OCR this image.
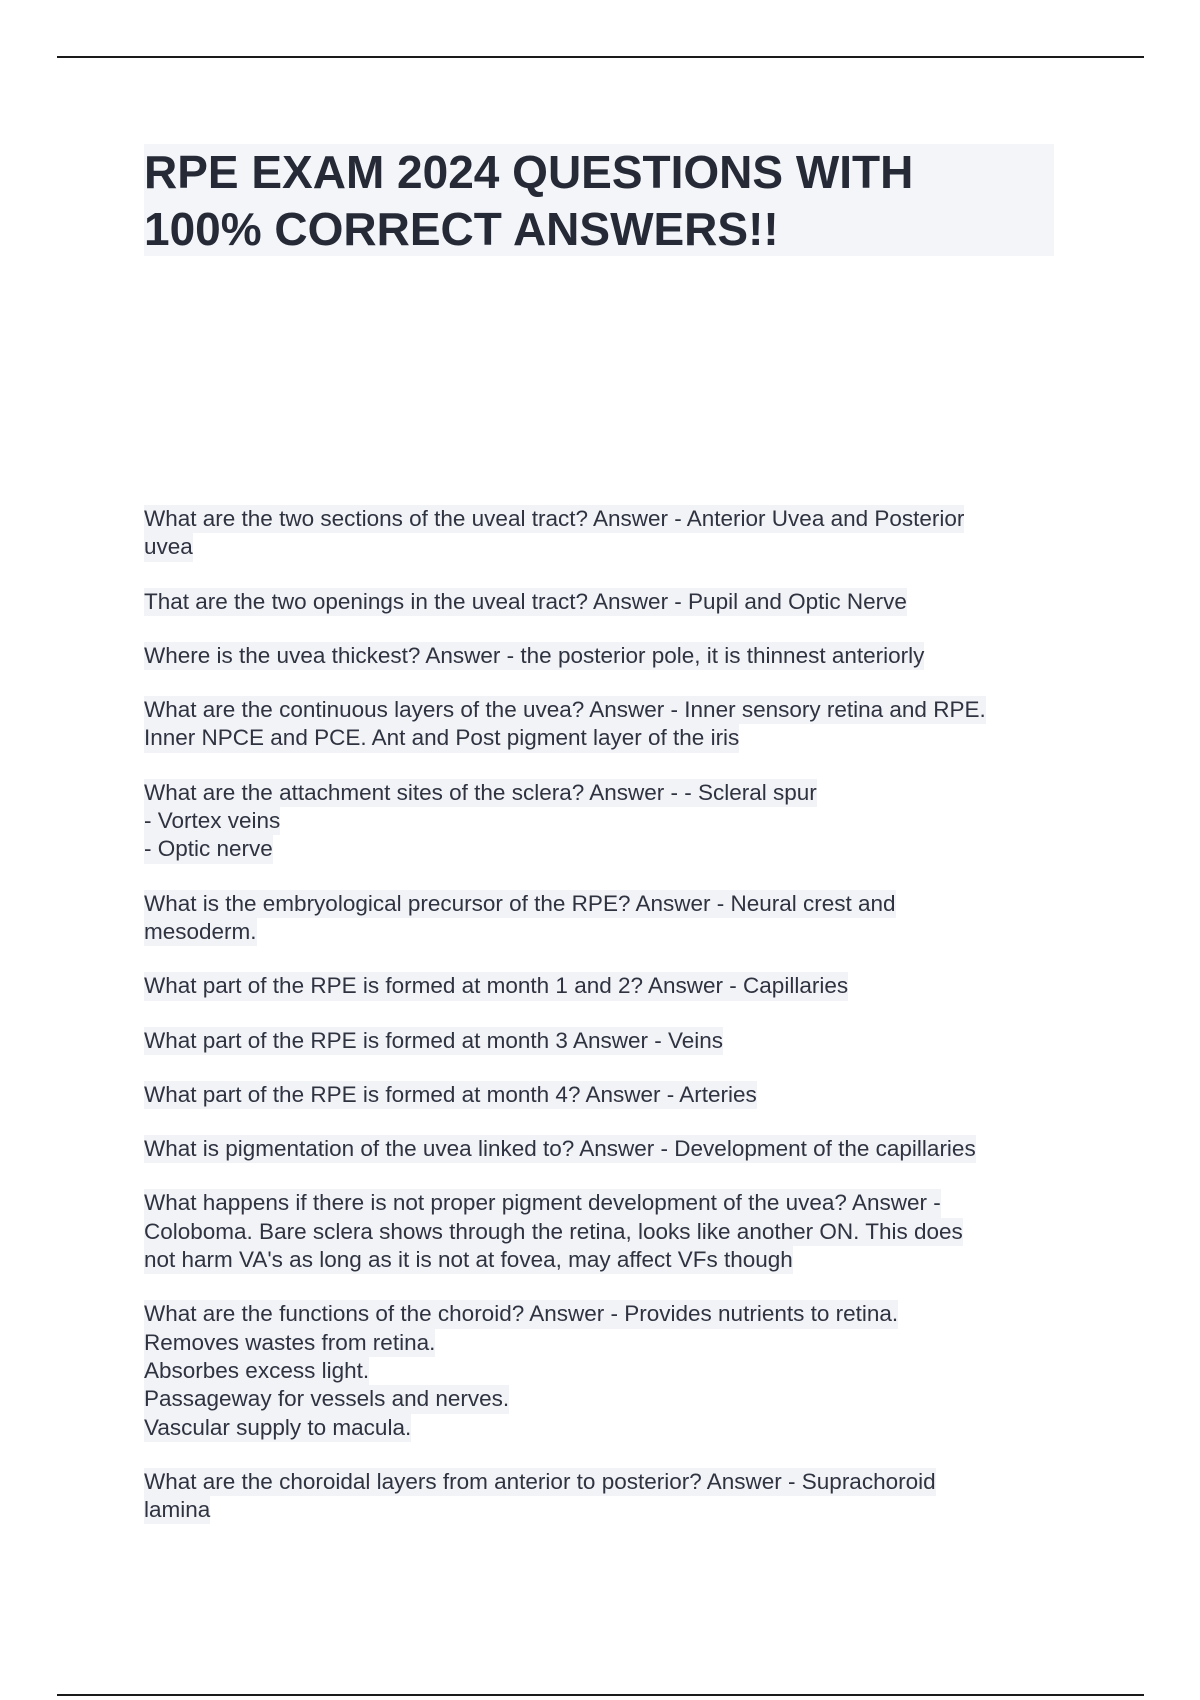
RPE EXAM 2024 QUESTIONS WITH
100% CORRECT ANSWERS!!
What are the two sections of the uveal tract? Answer - Anterior Uvea and Posterior
uvea
That are the two openings in the uveal tract? Answer - Pupil and Optic Nerve
Where is the uvea thickest? Answer - the posterior pole, it is thinnest anteriorly
What are the continuous layers of the uvea? Answer - Inner sensory retina and RPE.
Inner NPCE and PCE. Ant and Post pigment layer of the iris
What are the attachment sites of the sclera? Answer - - Scleral spur
- Vortex veins
- Optic nerve
What is the embryological precursor of the RPE? Answer - Neural crest and
mesoderm.
What part of the RPE is formed at month 1 and 2? Answer - Capillaries
What part of the RPE is formed at month 3 Answer - Veins
What part of the RPE is formed at month 4? Answer - Arteries
What is pigmentation of the uvea linked to? Answer - Development of the capillaries
What happens if there is not proper pigment development of the uvea? Answer -
Coloboma. Bare sclera shows through the retina, looks like another ON. This does
not harm VA's as long as it is not at fovea, may affect VFs though
What are the functions of the choroid? Answer - Provides nutrients to retina.
Removes wastes from retina.
Absorbes excess light.
Passageway for vessels and nerves.
Vascular supply to macula.
What are the choroidal layers from anterior to posterior? Answer - Suprachoroid
lamina
